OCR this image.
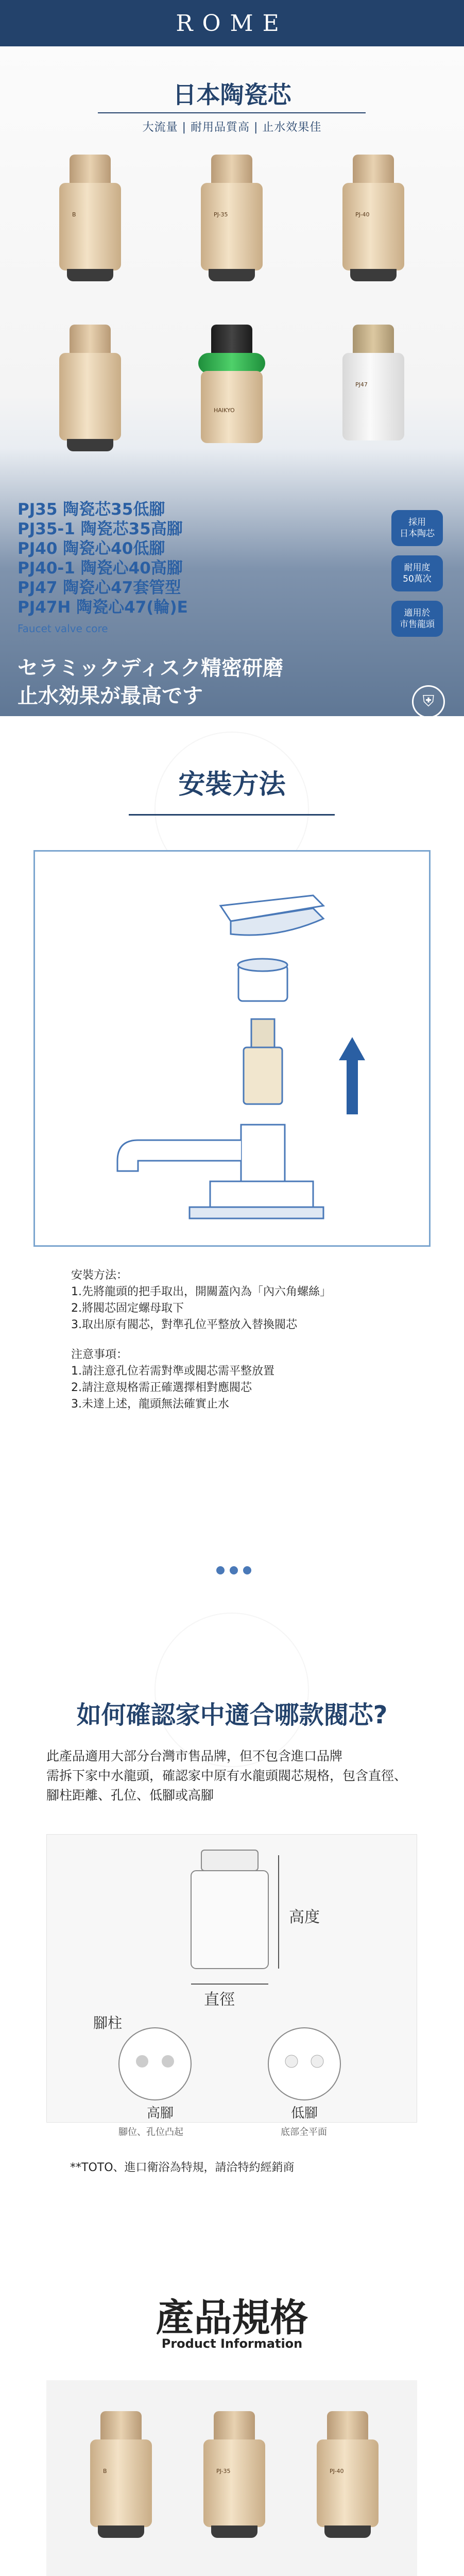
ROME
日本陶瓷芯
大流量 | 耐用品質高 | 止水效果佳
B	PJ-35	PJ-40
HAIKYO
PJ47
PJ35 陶瓷芯35低腳
PJ35-1 陶瓷芯35高腳
PJ40 陶瓷心40低腳
PJ40-1 陶瓷心40高腳
PJ47 陶瓷心47套管型
PJ47H 陶瓷心47(輪)E
Faucet valve core
採用
日本陶芯
耐用度
50萬次
適用於
市售龍頭
セラミックディスク精密研磨
止水効果が最高です	⛨
安裝方法
安裝方法：
1.先將龍頭的把手取出，開關蓋內為「內六角螺絲」
2.將閥芯固定螺母取下
3.取出原有閥芯，對準孔位平整放入替換閥芯
注意事項：
1.請注意孔位若需對準或閥芯需平整放置
2.請注意規格需正確選擇相對應閥芯
3.未達上述，龍頭無法確實止水
如何確認家中適合哪款閥芯?
此產品適用大部分台灣市售品牌，但不包含進口品牌
需拆下家中水龍頭，確認家中原有水龍頭閥芯規格，包含直徑、腳柱距離、孔位、低腳或高腳
高度
直徑
腳柱
高腳	低腳
腳位、孔位凸起	底部全平面
**TOTO、進口衛浴為特規，請洽特約經銷商
產品規格
Product Information
B	PJ-35	PJ-40
